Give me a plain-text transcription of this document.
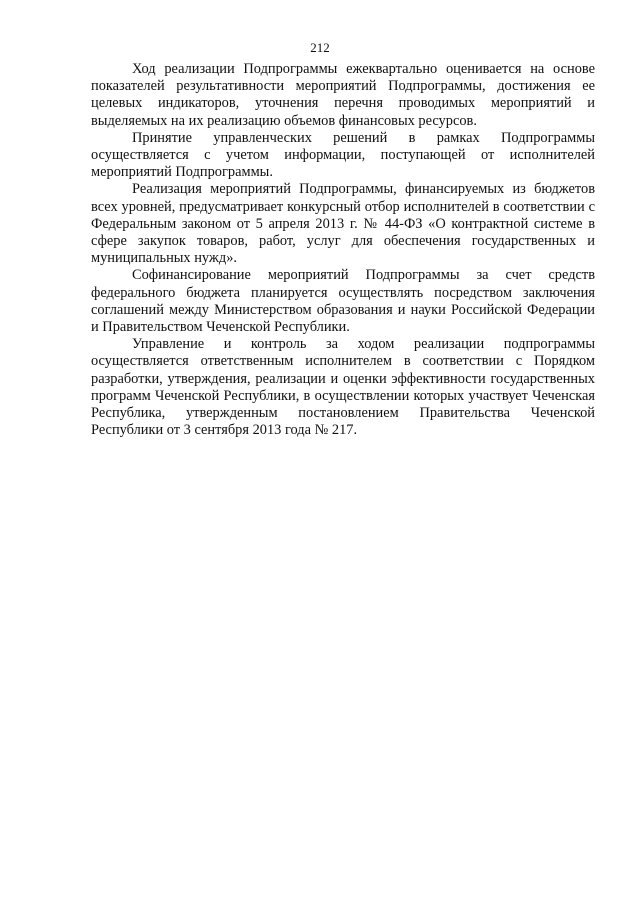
212

Ход реализации Подпрограммы ежеквартально оценивается на основе показателей результативности мероприятий Подпрограммы, достижения ее целевых индикаторов, уточнения перечня проводимых мероприятий и выделяемых на их реализацию объемов финансовых ресурсов.

Принятие управленческих решений в рамках Подпрограммы осуществляется с учетом информации, поступающей от исполнителей мероприятий Подпрограммы.

Реализация мероприятий Подпрограммы, финансируемых из бюджетов всех уровней, предусматривает конкурсный отбор исполнителей в соответствии с Федеральным законом от 5 апреля 2013 г. № 44-ФЗ «О контрактной системе в сфере закупок товаров, работ, услуг для обеспечения государственных и муниципальных нужд».

Софинансирование мероприятий Подпрограммы за счет средств федерального бюджета планируется осуществлять посредством заключения соглашений между Министерством образования и науки Российской Федерации и Правительством Чеченской Республики.

Управление и контроль за ходом реализации подпрограммы осуществляется ответственным исполнителем в соответствии с Порядком разработки, утверждения, реализации и оценки эффективности государственных программ Чеченской Республики, в осуществлении которых участвует Чеченская Республика, утвержденным постановлением Правительства Чеченской Республики от 3 сентября 2013 года № 217.
